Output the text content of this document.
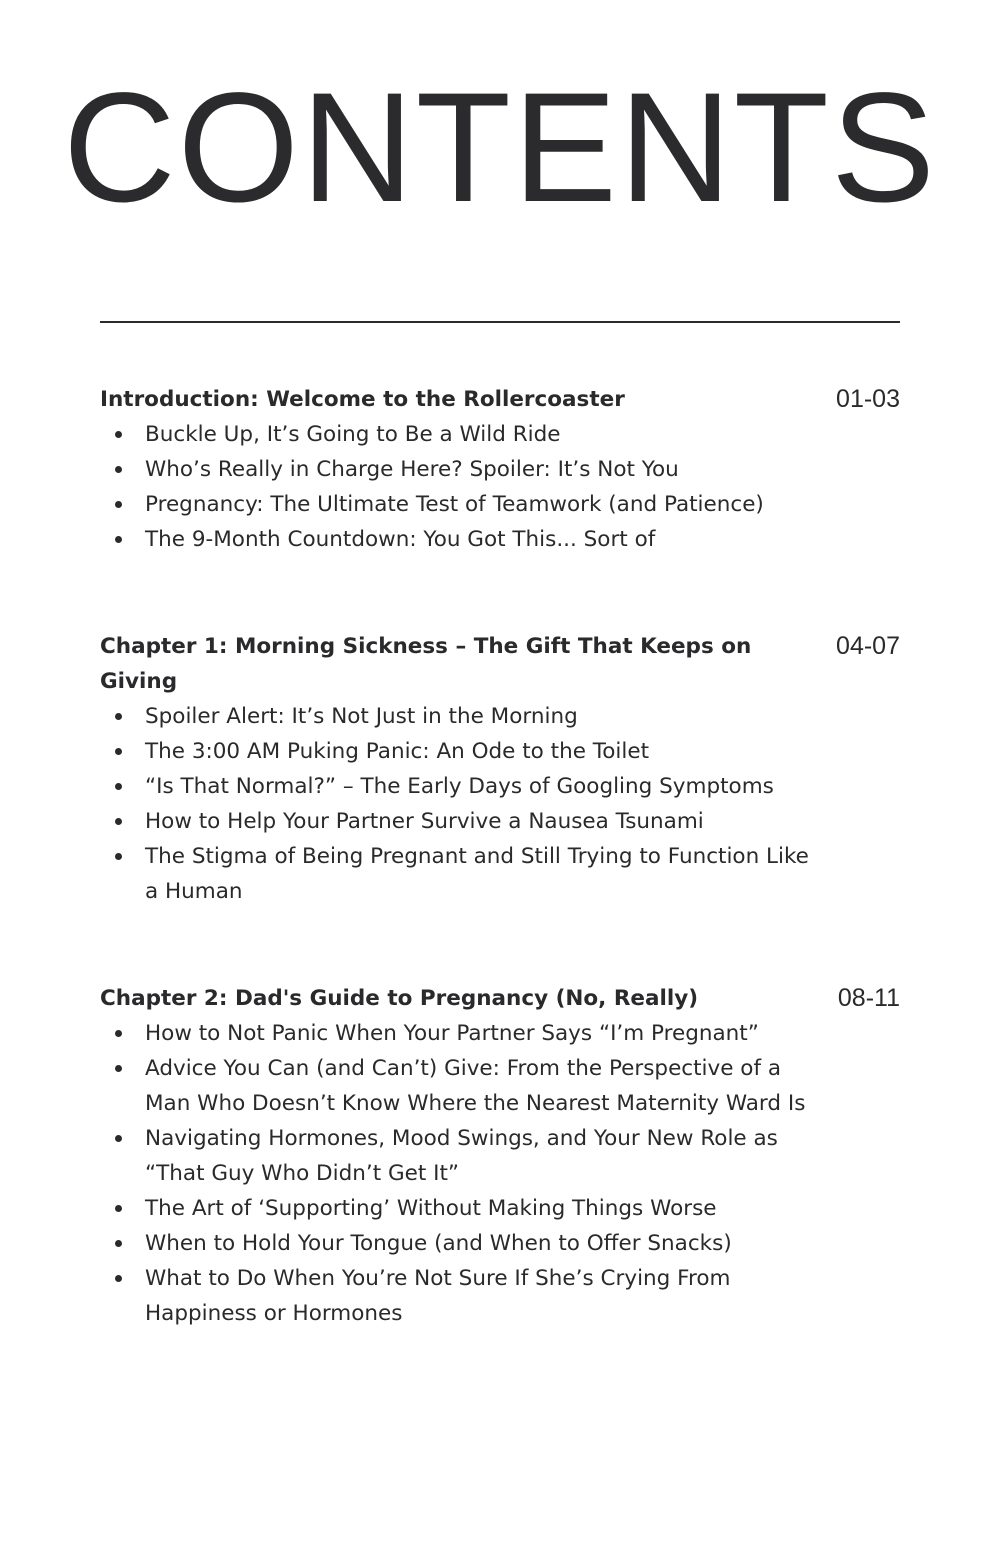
CONTENTS
Introduction: Welcome to the Rollercoaster	01-03
Buckle Up, It’s Going to Be a Wild Ride
Who’s Really in Charge Here? Spoiler: It’s Not You
Pregnancy: The Ultimate Test of Teamwork (and Patience)
The 9-Month Countdown: You Got This... Sort of
Chapter 1: Morning Sickness – The Gift That Keeps on Giving
04-07
Spoiler Alert: It’s Not Just in the Morning
The 3:00 AM Puking Panic: An Ode to the Toilet
“Is That Normal?” – The Early Days of Googling Symptoms
How to Help Your Partner Survive a Nausea Tsunami
The Stigma of Being Pregnant and Still Trying to Function Like a Human
Chapter 2: Dad's Guide to Pregnancy (No, Really)	08-11
How to Not Panic When Your Partner Says “I’m Pregnant”
Advice You Can (and Can’t) Give: From the Perspective of a Man Who Doesn’t Know Where the Nearest Maternity Ward Is
Navigating Hormones, Mood Swings, and Your New Role as “That Guy Who Didn’t Get It”
The Art of ‘Supporting’ Without Making Things Worse
When to Hold Your Tongue (and When to Offer Snacks)
What to Do When You’re Not Sure If She’s Crying From Happiness or Hormones
